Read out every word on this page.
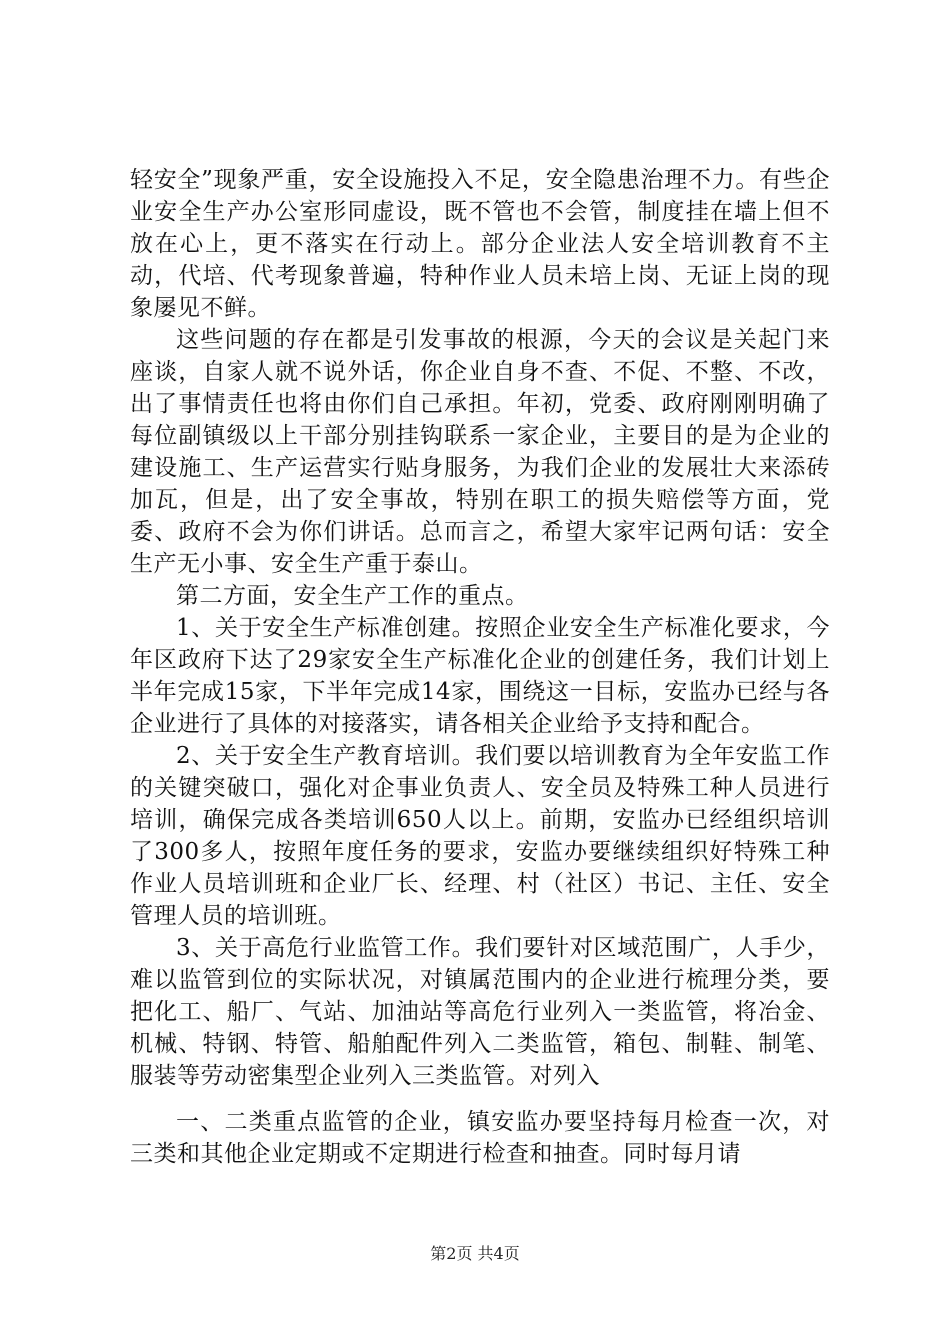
轻安全”现象严重，安全设施投入不足，安全隐患治理不力。有些企业安全生产办公室形同虚设，既不管也不会管，制度挂在墙上但不放在心上，更不落实在行动上。部分企业法人安全培训教育不主动，代培、代考现象普遍，特种作业人员未培上岗、无证上岗的现象屡见不鲜。

这些问题的存在都是引发事故的根源，今天的会议是关起门来座谈，自家人就不说外话，你企业自身不查、不促、不整、不改，出了事情责任也将由你们自己承担。年初，党委、政府刚刚明确了每位副镇级以上干部分别挂钩联系一家企业，主要目的是为企业的建设施工、生产运营实行贴身服务，为我们企业的发展壮大来添砖加瓦，但是，出了安全事故，特别在职工的损失赔偿等方面，党委、政府不会为你们讲话。总而言之，希望大家牢记两句话：安全生产无小事、安全生产重于泰山。

第二方面，安全生产工作的重点。

1、关于安全生产标准创建。按照企业安全生产标准化要求，今年区政府下达了29家安全生产标准化企业的创建任务，我们计划上半年完成15家，下半年完成14家，围绕这一目标，安监办已经与各企业进行了具体的对接落实，请各相关企业给予支持和配合。

2、关于安全生产教育培训。我们要以培训教育为全年安监工作的关键突破口，强化对企事业负责人、安全员及特殊工种人员进行培训，确保完成各类培训650人以上。前期，安监办已经组织培训了300多人，按照年度任务的要求，安监办要继续组织好特殊工种作业人员培训班和企业厂长、经理、村（社区）书记、主任、安全管理人员的培训班。

3、关于高危行业监管工作。我们要针对区域范围广，人手少，难以监管到位的实际状况，对镇属范围内的企业进行梳理分类，要把化工、船厂、气站、加油站等高危行业列入一类监管，将冶金、机械、特钢、特管、船舶配件列入二类监管，箱包、制鞋、制笔、服装等劳动密集型企业列入三类监管。对列入

一、二类重点监管的企业，镇安监办要坚持每月检查一次，对三类和其他企业定期或不定期进行检查和抽查。同时每月请

第2页 共4页
